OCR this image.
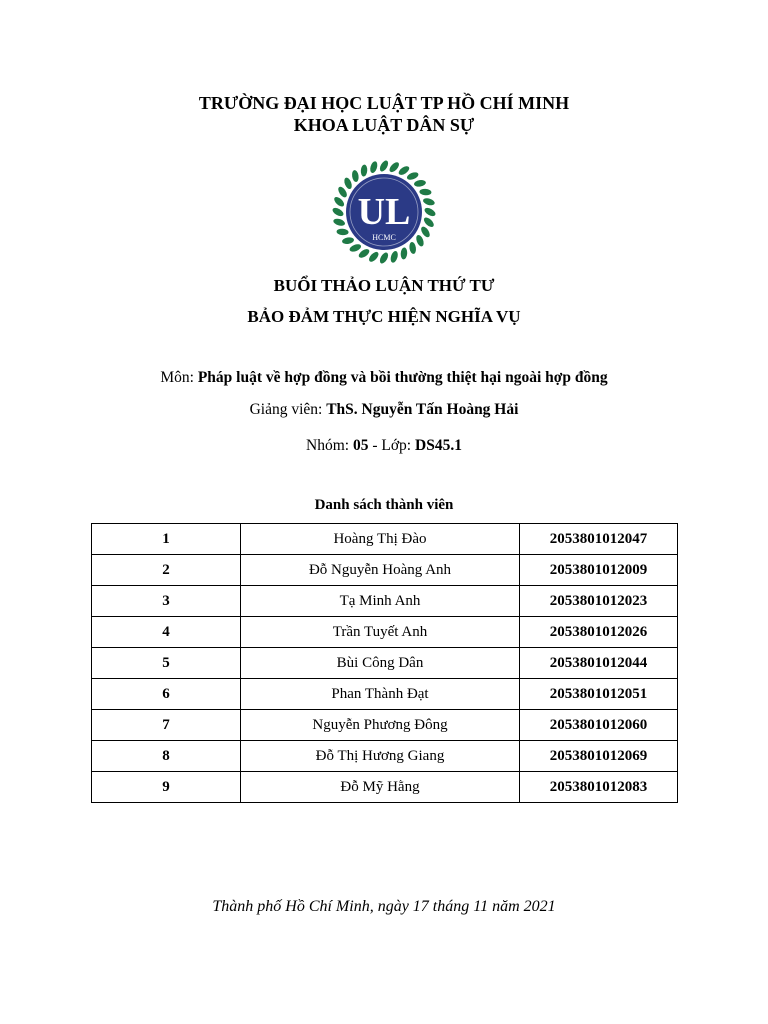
TRƯỜNG ĐẠI HỌC LUẬT TP HỒ CHÍ MINH
KHOA LUẬT DÂN SỰ
UL
HCMC
BUỔI THẢO LUẬN THỨ TƯ
BẢO ĐẢM THỰC HIỆN NGHĨA VỤ
Môn: Pháp luật về hợp đồng và bồi thường thiệt hại ngoài hợp đồng
Giảng viên: ThS. Nguyễn Tấn Hoàng Hải
Nhóm: 05 - Lớp: DS45.1
Danh sách thành viên
1	Hoàng Thị Đào	2053801012047
2	Đỗ Nguyễn Hoàng Anh	2053801012009
3	Tạ Minh Anh	2053801012023
4	Trần Tuyết Anh	2053801012026
5	Bùi Công Dân	2053801012044
6	Phan Thành Đạt	2053801012051
7	Nguyễn Phương Đông	2053801012060
8	Đỗ Thị Hương Giang	2053801012069
9	Đỗ Mỹ Hằng	2053801012083
Thành phố Hồ Chí Minh, ngày 17 tháng 11 năm 2021
